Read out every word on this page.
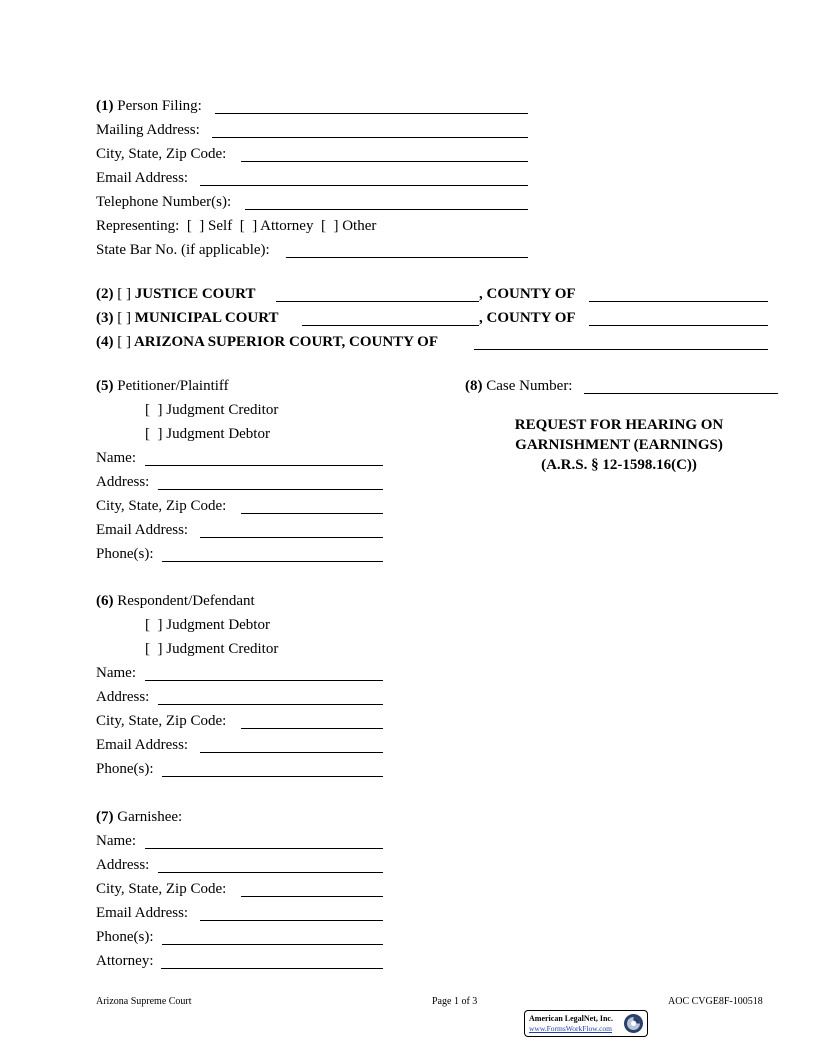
(1) Person Filing:
Mailing Address:
City, State, Zip Code:
Email Address:
Telephone Number(s):
Representing:  [  ] Self  [  ] Attorney  [  ] Other
State Bar No. (if applicable):
(2) [ ] JUSTICE COURT	, COUNTY OF
(3) [ ] MUNICIPAL COURT	, COUNTY OF
(4) [ ] ARIZONA SUPERIOR COURT, COUNTY OF
(5) Petitioner/Plaintiff
[  ] Judgment Creditor
[  ] Judgment Debtor
Name:
Address:
City, State, Zip Code:
Email Address:
Phone(s):
(8) Case Number:
REQUEST FOR HEARING ON
GARNISHMENT (EARNINGS)
(A.R.S. § 12-1598.16(C))
(6) Respondent/Defendant
[  ] Judgment Debtor
[  ] Judgment Creditor
Name:
Address:
City, State, Zip Code:
Email Address:
Phone(s):
(7) Garnishee:
Name:
Address:
City, State, Zip Code:
Email Address:
Phone(s):
Attorney:
Arizona Supreme Court	Page 1 of 3	AOC CVGE8F-100518
American LegalNet, Inc.
www.FormsWorkFlow.com
